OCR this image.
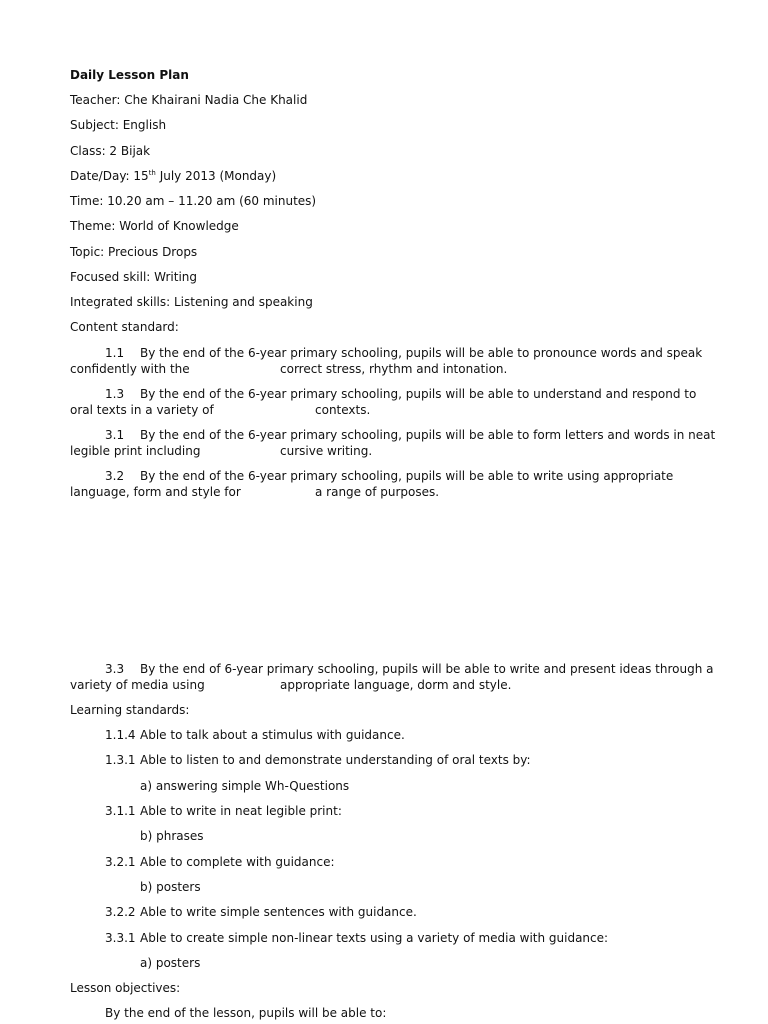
Daily Lesson Plan
Teacher: Che Khairani Nadia Che Khalid
Subject: English
Class: 2 Bijak
Date/Day: 15th July 2013 (Monday)
Time: 10.20 am – 11.20 am (60 minutes)
Theme: World of Knowledge
Topic: Precious Drops
Focused skill: Writing
Integrated skills: Listening and speaking
Content standard:
1.1 By the end of the 6-year primary schooling, pupils will be able to pronounce words and speak
confidently with the	correct stress, rhythm and intonation.
1.3 By the end of the 6-year primary schooling, pupils will be able to understand and respond to
oral texts in a variety of	contexts.
3.1 By the end of the 6-year primary schooling, pupils will be able to form letters and words in neat
legible print including	cursive writing.
3.2 By the end of the 6-year primary schooling, pupils will be able to write using appropriate
language, form and style for	a range of purposes.
3.3 By the end of 6-year primary schooling, pupils will be able to write and present ideas through a
variety of media using	appropriate language, dorm and style.
Learning standards:
1.1.4 Able to talk about a stimulus with guidance.
1.3.1 Able to listen to and demonstrate understanding of oral texts by:
a) answering simple Wh-Questions
3.1.1 Able to write in neat legible print:
b) phrases
3.2.1 Able to complete with guidance:
b) posters
3.2.2 Able to write simple sentences with guidance.
3.3.1 Able to create simple non-linear texts using a variety of media with guidance:
a) posters
Lesson objectives:
By the end of the lesson, pupils will be able to:
